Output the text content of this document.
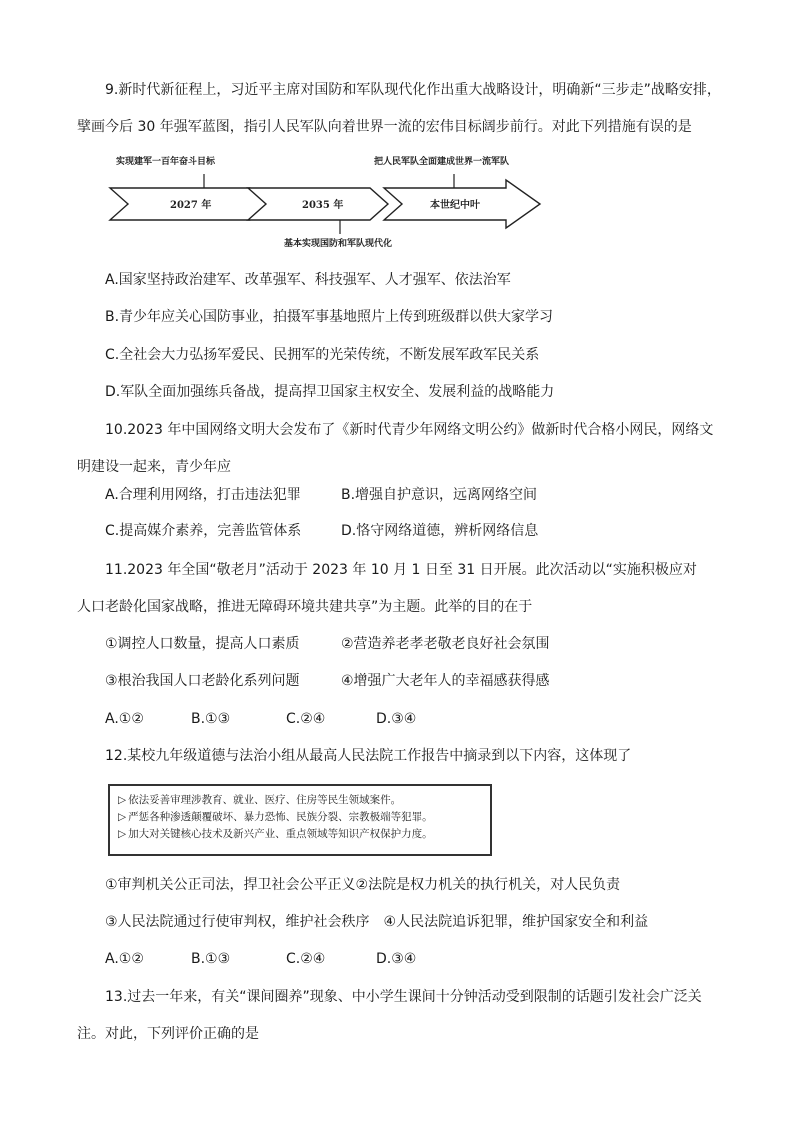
9.新时代新征程上，习近平主席对国防和军队现代化作出重大战略设计，明确新“三步走”战略安排，
擘画今后 30 年强军蓝图，指引人民军队向着世界一流的宏伟目标阔步前行。对此下列措施有误的是
实现建军一百年奋斗目标	把人民军队全面建成世界一流军队
基本实现国防和军队现代化
2027 年	2035 年	本世纪中叶
A.国家坚持政治建军、改革强军、科技强军、人才强军、依法治军
B.青少年应关心国防事业，拍摄军事基地照片上传到班级群以供大家学习
C.全社会大力弘扬军爱民、民拥军的光荣传统，不断发展军政军民关系
D.军队全面加强练兵备战，提高捍卫国家主权安全、发展利益的战略能力
10.2023 年中国网络文明大会发布了《新时代青少年网络文明公约》做新时代合格小网民，网络文
明建设一起来，青少年应
A.合理利用网络，打击违法犯罪	B.增强自护意识，远离网络空间
C.提高媒介素养，完善监管体系	D.恪守网络道德，辨析网络信息
11.2023 年全国“敬老月”活动于 2023 年 10 月 1 日至 31 日开展。此次活动以“实施积极应对
人口老龄化国家战略，推进无障碍环境共建共享”为主题。此举的目的在于
①调控人口数量，提高人口素质	②营造养老孝老敬老良好社会氛围
③根治我国人口老龄化系列问题	④增强广大老年人的幸福感获得感
A.①②	B.①③	C.②④	D.③④
12.某校九年级道德与法治小组从最高人民法院工作报告中摘录到以下内容，这体现了
▷ 依法妥善审理涉教育、就业、医疗、住房等民生领域案件。
▷ 严惩各种渗透颠覆破坏、暴力恐怖、民族分裂、宗教极端等犯罪。
▷ 加大对关键核心技术及新兴产业、重点领域等知识产权保护力度。
①审判机关公正司法，捍卫社会公平正义②法院是权力机关的执行机关，对人民负责
③人民法院通过行使审判权，维护社会秩序　④人民法院追诉犯罪，维护国家安全和利益
A.①②	B.①③	C.②④	D.③④
13.过去一年来，有关“课间圈养”现象、中小学生课间十分钟活动受到限制的话题引发社会广泛关
注。对此，下列评价正确的是
